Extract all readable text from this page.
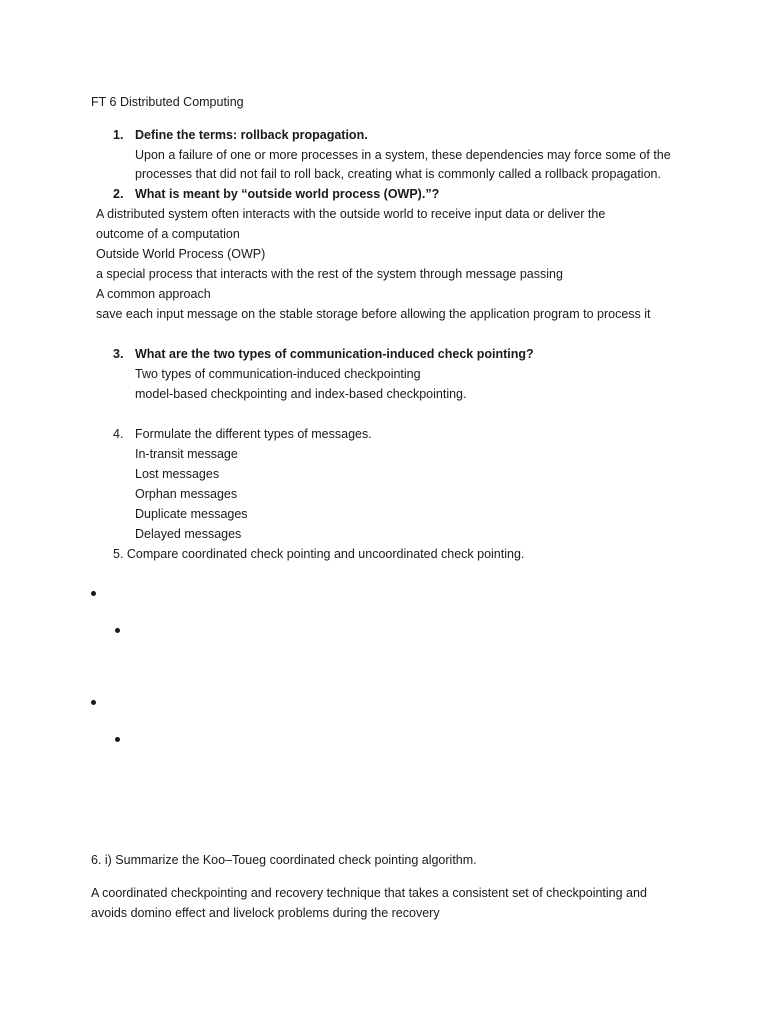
FT 6 Distributed Computing
1. Define the terms: rollback propagation.
Upon a failure of one or more processes in a system, these dependencies may force some of the
processes that did not fail to roll back, creating what is commonly called a rollback propagation.
2. What is meant by “outside world process (OWP).”?
A distributed system often interacts with the outside world to receive input data or deliver the
outcome of a computation
Outside World Process (OWP)
a special process that interacts with the rest of the system through message passing
A common approach
save each input message on the stable storage before allowing the application program to process it
3. What are the two types of communication-induced check pointing?
Two types of communication-induced checkpointing
model-based checkpointing and index-based checkpointing.
4. Formulate the different types of messages.
In-transit message
Lost messages
Orphan messages
Duplicate messages
Delayed messages
5. Compare coordinated check pointing and uncoordinated check pointing.
6. i) Summarize the Koo–Toueg coordinated check pointing algorithm.
A coordinated checkpointing and recovery technique that takes a consistent set of checkpointing and
avoids domino effect and livelock problems during the recovery
